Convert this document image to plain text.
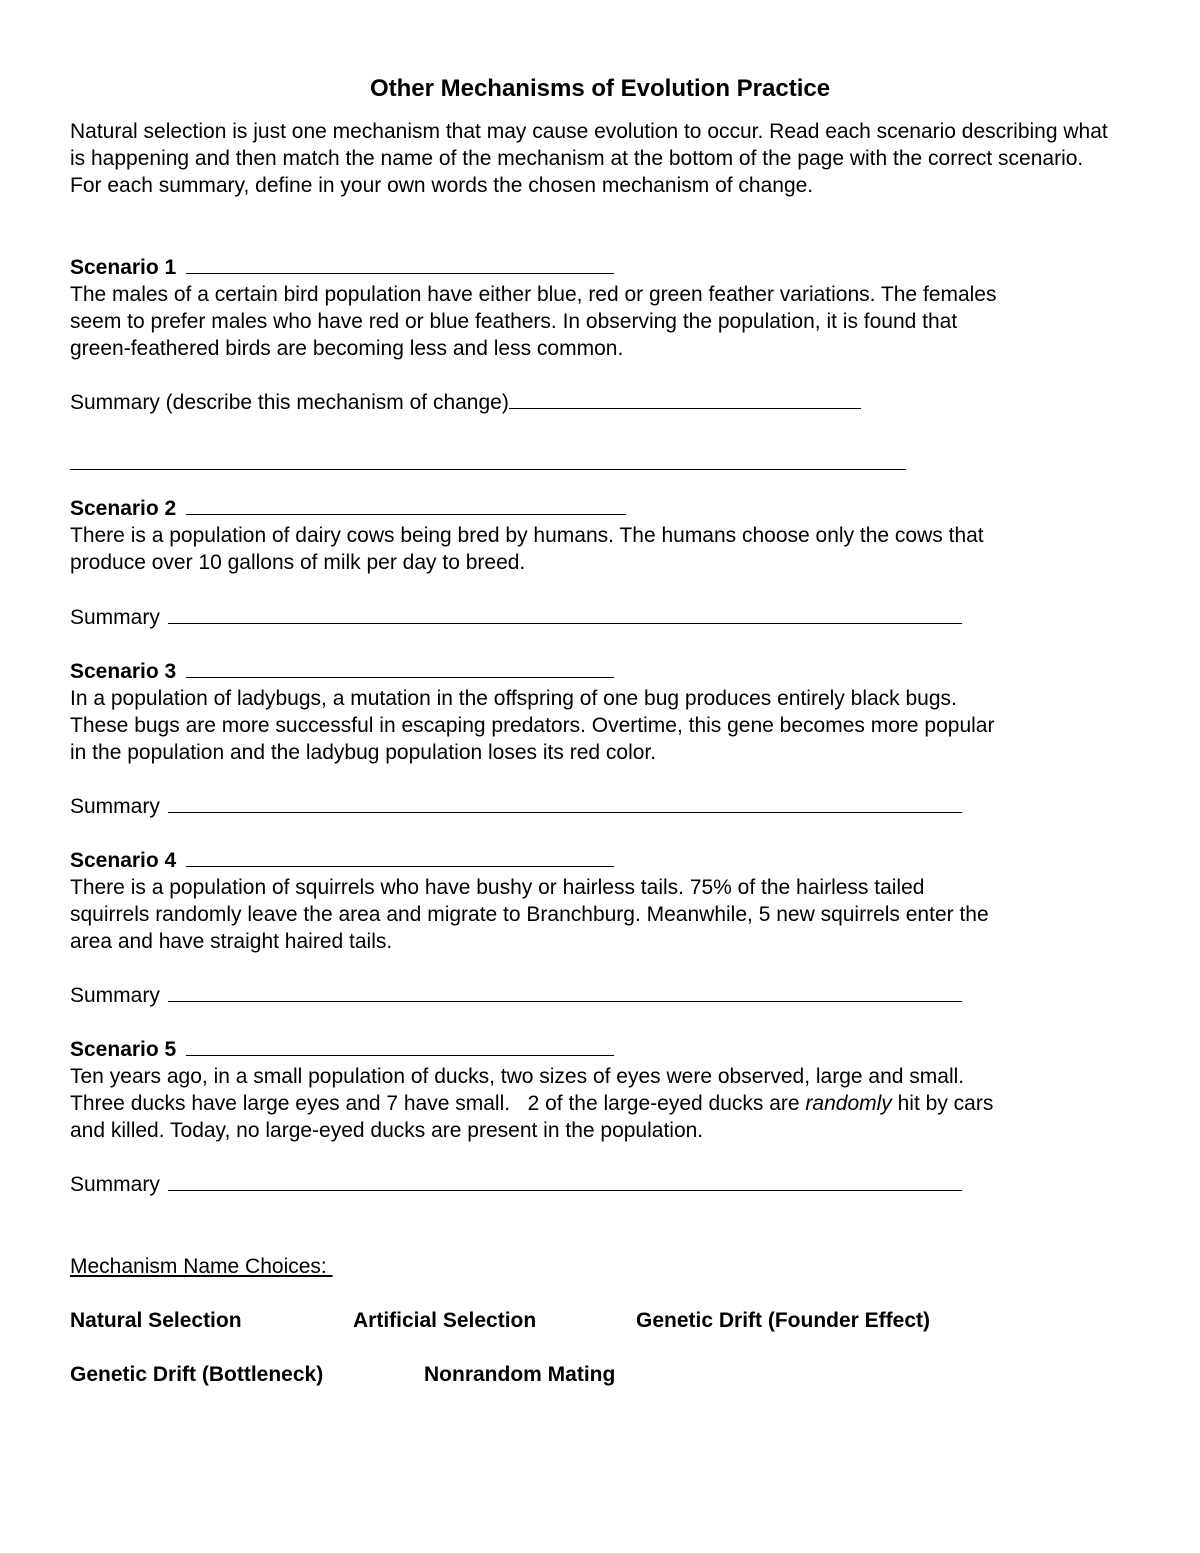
Other Mechanisms of Evolution Practice

Natural selection is just one mechanism that may cause evolution to occur. Read each scenario describing what is happening and then match the name of the mechanism at the bottom of the page with the correct scenario. For each summary, define in your own words the chosen mechanism of change.

Scenario 1

The males of a certain bird population have either blue, red or green feather variations. The females

seem to prefer males who have red or blue feathers. In observing the population, it is found that

green-feathered birds are becoming less and less common.

Summary (describe this mechanism of change)

Scenario 2

There is a population of dairy cows being bred by humans. The humans choose only the cows that

produce over 10 gallons of milk per day to breed.

Summary

Scenario 3

In a population of ladybugs, a mutation in the offspring of one bug produces entirely black bugs.

These bugs are more successful in escaping predators. Overtime, this gene becomes more popular

in the population and the ladybug population loses its red color.

Summary

Scenario 4

There is a population of squirrels who have bushy or hairless tails. 75% of the hairless tailed

squirrels randomly leave the area and migrate to Branchburg. Meanwhile, 5 new squirrels enter the

area and have straight haired tails.

Summary

Scenario 5

Ten years ago, in a small population of ducks, two sizes of eyes were observed, large and small.

Three ducks have large eyes and 7 have small.   2 of the large-eyed ducks are randomly hit by cars

and killed. Today, no large-eyed ducks are present in the population.

Summary

Mechanism Name Choices:

Natural Selection	Artificial Selection	Genetic Drift (Founder Effect)
Genetic Drift (Bottleneck)	Nonrandom Mating
